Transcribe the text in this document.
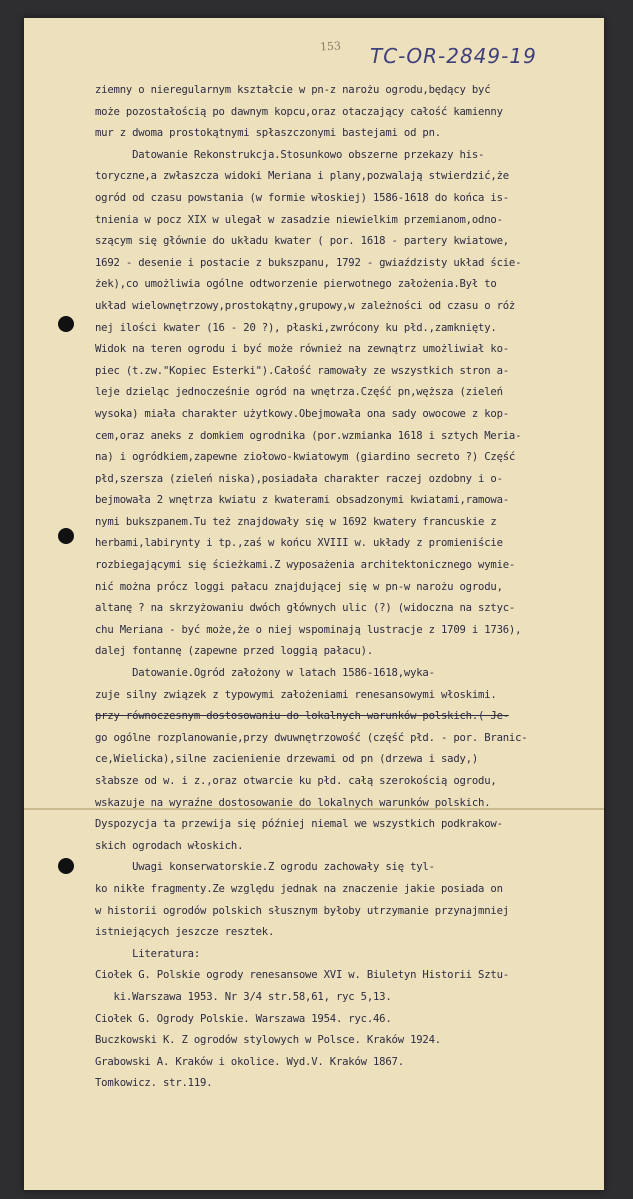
153 TC-OR-2849-19
ziemny o nieregularnym kształcie w pn-z narożu ogrodu,będący być
może pozostałością po dawnym kopcu,oraz otaczający całość kamienny
mur z dwoma prostokątnymi spłaszczonymi bastejami od pn.
Datowanie Rekonstrukcja.Stosunkowo obszerne przekazy his-
toryczne,a zwłaszcza widoki Meriana i plany,pozwalają stwierdzić,że
ogród od czasu powstania (w formie włoskiej) 1586-1618 do końca is-
tnienia w pocz XIX w ulegał w zasadzie niewielkim przemianom,odno-
szącym się głównie do układu kwater ( por. 1618 - partery kwiatowe,
1692 - desenie i postacie z bukszpanu, 1792 - gwiaździsty układ ście-
żek),co umożliwia ogólne odtworzenie pierwotnego założenia.Był to
układ wielownętrzowy,prostokątny,grupowy,w zależności od czasu o róż
nej ilości kwater (16 - 20 ?), płaski,zwrócony ku płd.,zamknięty.
Widok na teren ogrodu i być może również na zewnątrz umożliwiał ko-
piec (t.zw."Kopiec Esterki").Całość ramowały ze wszystkich stron a-
leje dzieląc jednocześnie ogród na wnętrza.Część pn,węższa (zieleń
wysoka) miała charakter użytkowy.Obejmowała ona sady owocowe z kop-
cem,oraz aneks z domkiem ogrodnika (por.wzmianka 1618 i sztych Meria-
na) i ogródkiem,zapewne ziołowo-kwiatowym (giardino secreto ?) Część
płd,szersza (zieleń niska),posiadała charakter raczej ozdobny i o-
bejmowała 2 wnętrza kwiatu z kwaterami obsadzonymi kwiatami,ramowa-
nymi bukszpanem.Tu też znajdowały się w 1692 kwatery francuskie z
herbami,labirynty i tp.,zaś w końcu XVIII w. układy z promieniście
rozbiegającymi się ścieżkami.Z wyposażenia architektonicznego wymie-
nić można prócz loggi pałacu znajdującej się w pn-w narożu ogrodu,
altanę ? na skrzyżowaniu dwóch głównych ulic (?) (widoczna na sztyc-
chu Meriana - być może,że o niej wspominają lustracje z 1709 i 1736),
dalej fontannę (zapewne przed loggią pałacu).
Datowanie.Ogród założony w latach 1586-1618,wyka-
zuje silny związek z typowymi założeniami renesansowymi włoskimi.
przy równoczesnym dostosowaniu do lokalnych warunków polskich.( Je-
go ogólne rozplanowanie,przy dwuwnętrzowość (część płd. - por. Branic-
ce,Wielicka),silne zacienienie drzewami od pn (drzewa i sady,)
słabsze od w. i z.,oraz otwarcie ku płd. całą szerokością ogrodu,
wskazuje na wyraźne dostosowanie do lokalnych warunków polskich.
Dyspozycja ta przewija się później niemal we wszystkich podkrakow-
skich ogrodach włoskich.
Uwagi konserwatorskie.Z ogrodu zachowały się tyl-
ko nikłe fragmenty.Ze względu jednak na znaczenie jakie posiada on
w historii ogrodów polskich słusznym byłoby utrzymanie przynajmniej
istniejących jeszcze resztek.
Literatura:
Ciołek G. Polskie ogrody renesansowe XVI w. Biuletyn Historii Sztu-
ki.Warszawa 1953. Nr 3/4 str.58,61, ryc 5,13.
Ciołek G. Ogrody Polskie. Warszawa 1954. ryc.46.
Buczkowski K. Z ogrodów stylowych w Polsce. Kraków 1924.
Grabowski A. Kraków i okolice. Wyd.V. Kraków 1867.
Tomkowicz. str.119.
